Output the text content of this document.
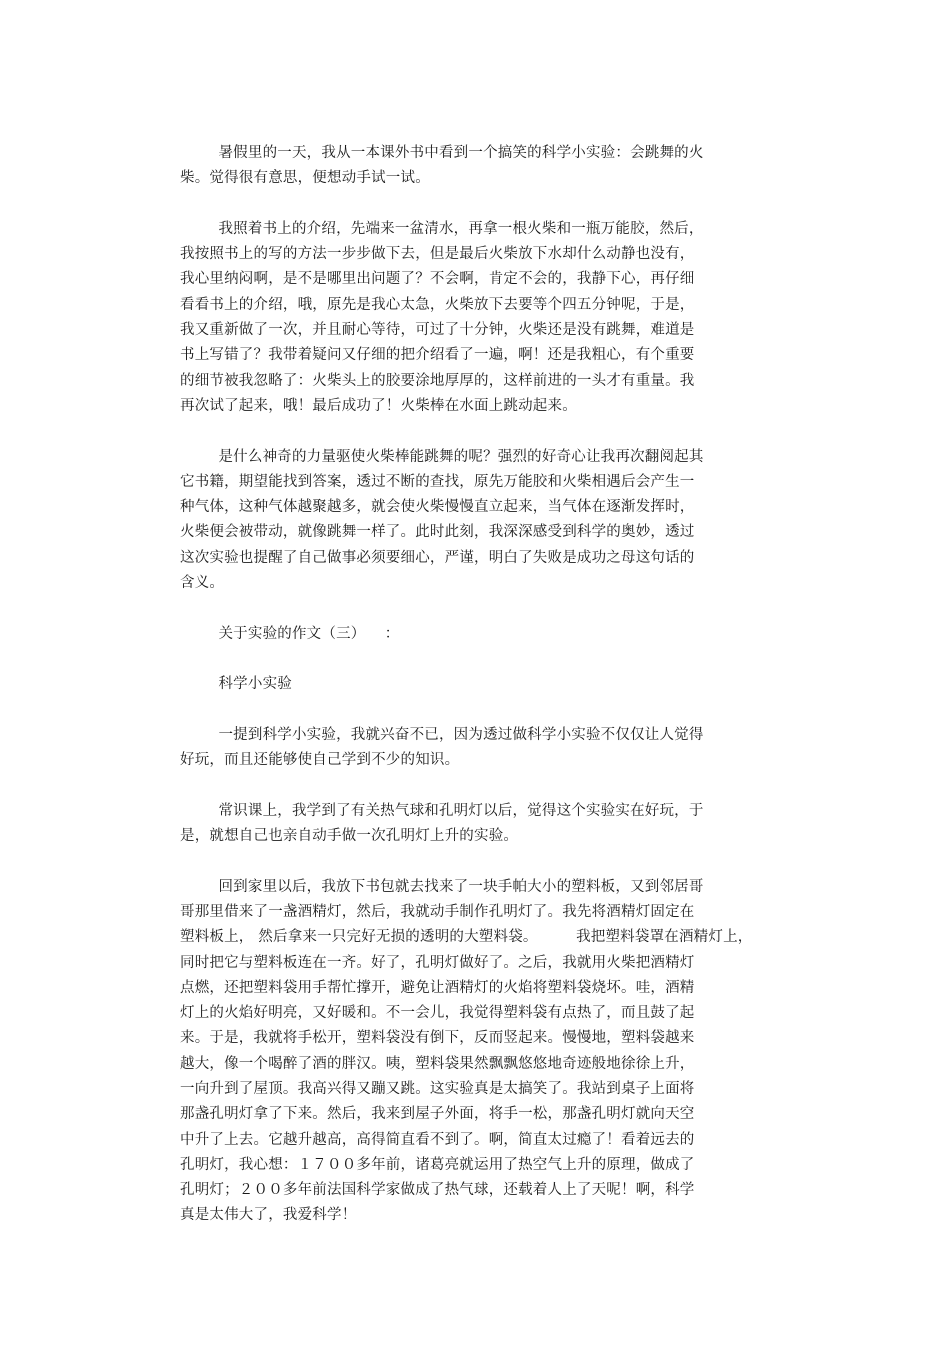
暑假里的一天，我从一本课外书中看到一个搞笑的科学小实验：会跳舞的火
柴。觉得很有意思，便想动手试一试。
我照着书上的介绍，先端来一盆清水，再拿一根火柴和一瓶万能胶，然后，
我按照书上的写的方法一步步做下去，但是最后火柴放下水却什么动静也没有，
我心里纳闷啊，是不是哪里出问题了？不会啊，肯定不会的，我静下心，再仔细
看看书上的介绍，哦，原先是我心太急，火柴放下去要等个四五分钟呢，于是，
我又重新做了一次，并且耐心等待，可过了十分钟，火柴还是没有跳舞，难道是
书上写错了？我带着疑问又仔细的把介绍看了一遍，啊！还是我粗心，有个重要
的细节被我忽略了：火柴头上的胶要涂地厚厚的，这样前进的一头才有重量。我
再次试了起来，哦！最后成功了！火柴棒在水面上跳动起来。
是什么神奇的力量驱使火柴棒能跳舞的呢？强烈的好奇心让我再次翻阅起其
它书籍，期望能找到答案，透过不断的查找，原先万能胶和火柴相遇后会产生一
种气体，这种气体越聚越多，就会使火柴慢慢直立起来，当气体在逐渐发挥时，
火柴便会被带动，就像跳舞一样了。此时此刻，我深深感受到科学的奥妙，透过
这次实验也提醒了自己做事必须要细心，严谨，明白了失败是成功之母这句话的
含义。
关于实验的作文（三）    ：
科学小实验
一提到科学小实验，我就兴奋不已，因为透过做科学小实验不仅仅让人觉得
好玩，而且还能够使自己学到不少的知识。
常识课上，我学到了有关热气球和孔明灯以后，觉得这个实验实在好玩，于
是，就想自己也亲自动手做一次孔明灯上升的实验。
回到家里以后，我放下书包就去找来了一块手帕大小的塑料板，又到邻居哥
哥那里借来了一盏酒精灯，然后，我就动手制作孔明灯了。我先将酒精灯固定在
塑料板上， 然后拿来一只完好无损的透明的大塑料袋。        我把塑料袋罩在酒精灯上，
同时把它与塑料板连在一齐。好了，孔明灯做好了。之后，我就用火柴把酒精灯
点燃，还把塑料袋用手帮忙撑开，避免让酒精灯的火焰将塑料袋烧坏。哇，酒精
灯上的火焰好明亮，又好暖和。不一会儿，我觉得塑料袋有点热了，而且鼓了起
来。于是，我就将手松开，塑料袋没有倒下，反而竖起来。慢慢地，塑料袋越来
越大，像一个喝醉了酒的胖汉。咦，塑料袋果然飘飘悠悠地奇迹般地徐徐上升，
一向升到了屋顶。我高兴得又蹦又跳。这实验真是太搞笑了。我站到桌子上面将
那盏孔明灯拿了下来。然后，我来到屋子外面，将手一松，那盏孔明灯就向天空
中升了上去。它越升越高，高得简直看不到了。啊，简直太过瘾了！看着远去的
孔明灯，我心想：１７００多年前，诸葛亮就运用了热空气上升的原理，做成了
孔明灯；２００多年前法国科学家做成了热气球，还载着人上了天呢！啊，科学
真是太伟大了，我爱科学！
